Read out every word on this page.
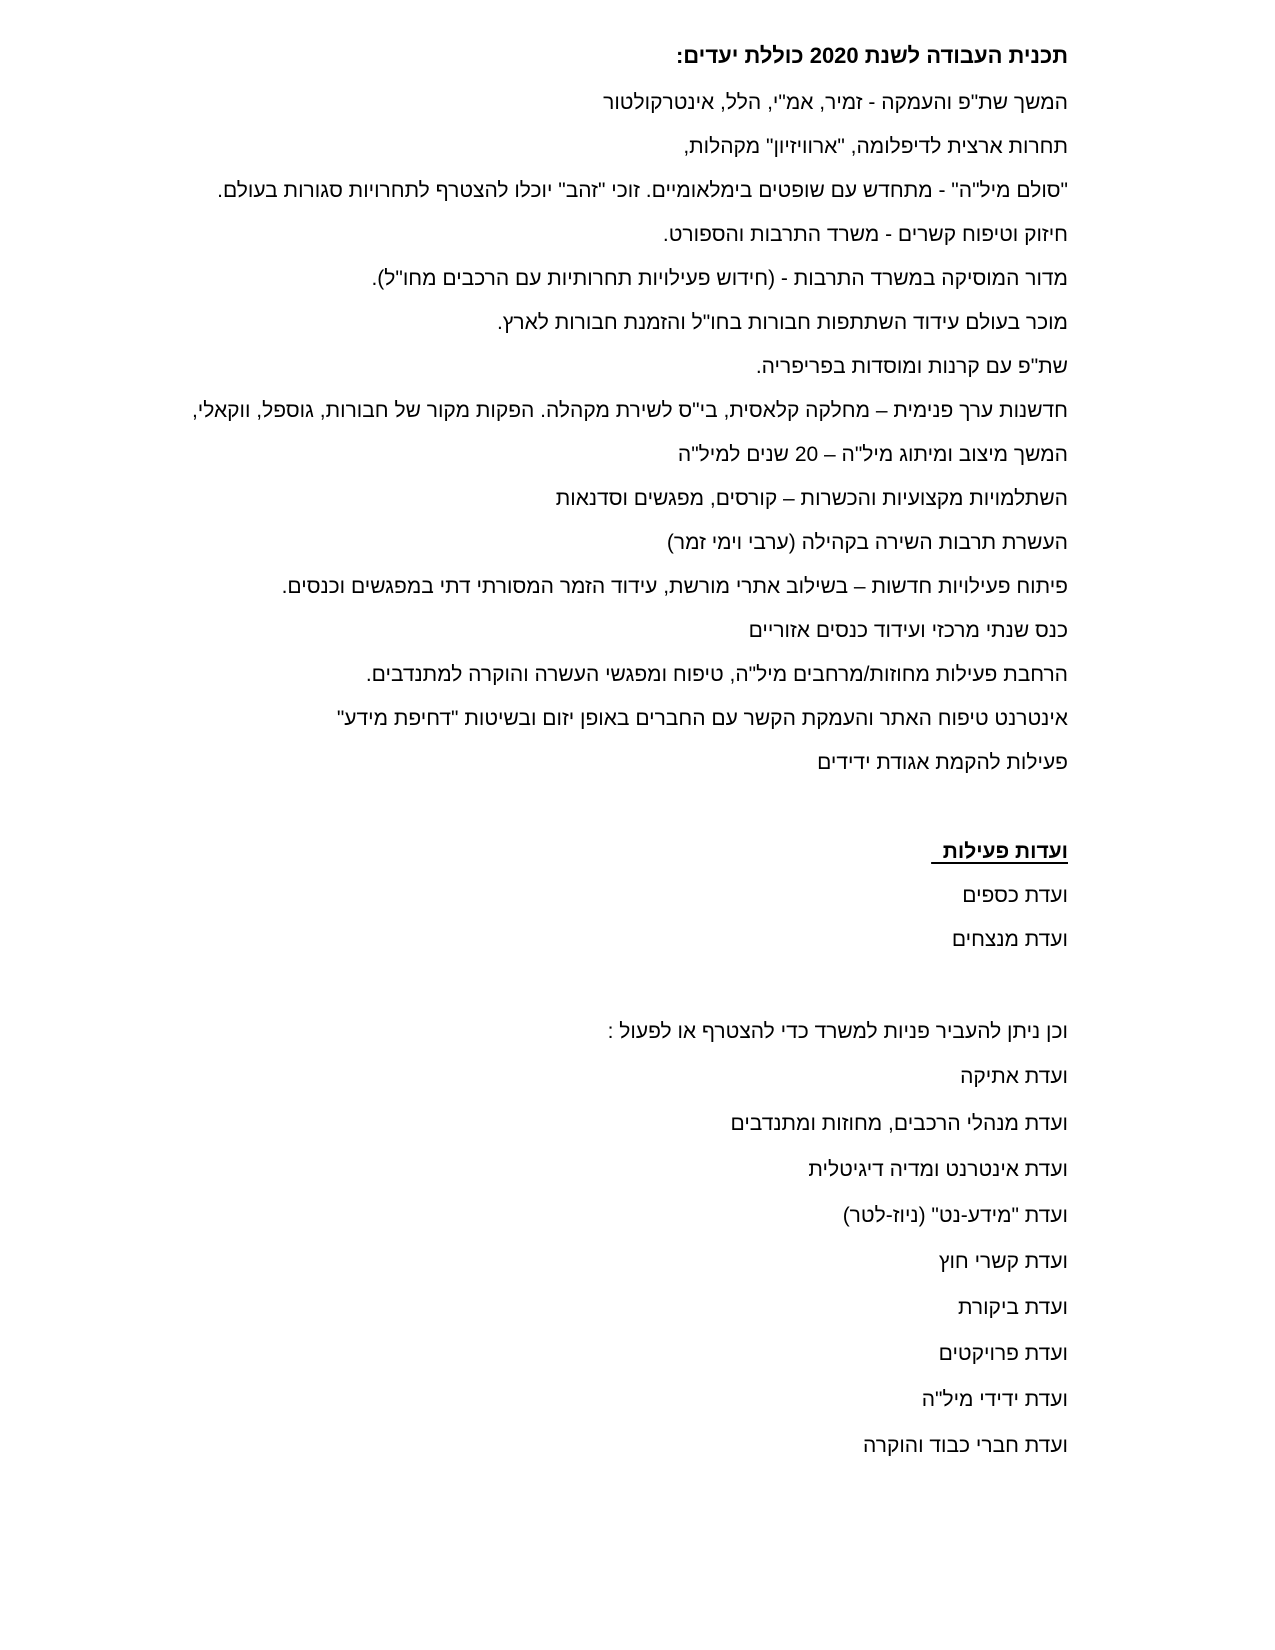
תכנית העבודה לשנת 2020 כוללת יעדים:

המשך שת"פ והעמקה - זמיר, אמ"י, הלל, אינטרקולטור

תחרות ארצית לדיפלומה, "ארוויזיון" מקהלות,

"סולם מיל"ה" - מתחדש עם שופטים בימלאומיים. זוכי "זהב" יוכלו להצטרף לתחרויות סגורות בעולם.

חיזוק וטיפוח קשרים - משרד התרבות והספורט.

מדור המוסיקה במשרד התרבות - (חידוש פעילויות תחרותיות עם הרכבים מחו"ל).

מוכר בעולם עידוד השתתפות חבורות בחו"ל והזמנת חבורות לארץ.

שת"פ עם קרנות ומוסדות בפריפריה.

חדשנות ערך פנימית – מחלקה קלאסית, בי"ס לשירת מקהלה. הפקות מקור של חבורות, גוספל, ווקאלי,

המשך מיצוב ומיתוג מיל"ה – 20 שנים למיל"ה

השתלמויות מקצועיות והכשרות – קורסים, מפגשים וסדנאות

העשרת תרבות השירה בקהילה (ערבי וימי זמר)

פיתוח פעילויות חדשות – בשילוב אתרי מורשת, עידוד הזמר המסורתי דתי במפגשים וכנסים.

כנס שנתי מרכזי ועידוד כנסים אזוריים

הרחבת פעילות מחוזות/מרחבים מיל"ה, טיפוח ומפגשי העשרה והוקרה למתנדבים.

אינטרנט טיפוח האתר והעמקת הקשר עם החברים באופן יזום ובשיטות "דחיפת מידע"

פעילות להקמת אגודת ידידים

ועדות פעילות

ועדת כספים

ועדת מנצחים

וכן ניתן להעביר פניות למשרד כדי להצטרף או לפעול :

ועדת אתיקה

ועדת מנהלי הרכבים, מחוזות ומתנדבים

ועדת אינטרנט ומדיה דיגיטלית

ועדת "מידע-נט" (ניוז-לטר)

ועדת קשרי חוץ

ועדת ביקורת

ועדת פרויקטים

ועדת ידידי מיל"ה

ועדת חברי כבוד והוקרה
